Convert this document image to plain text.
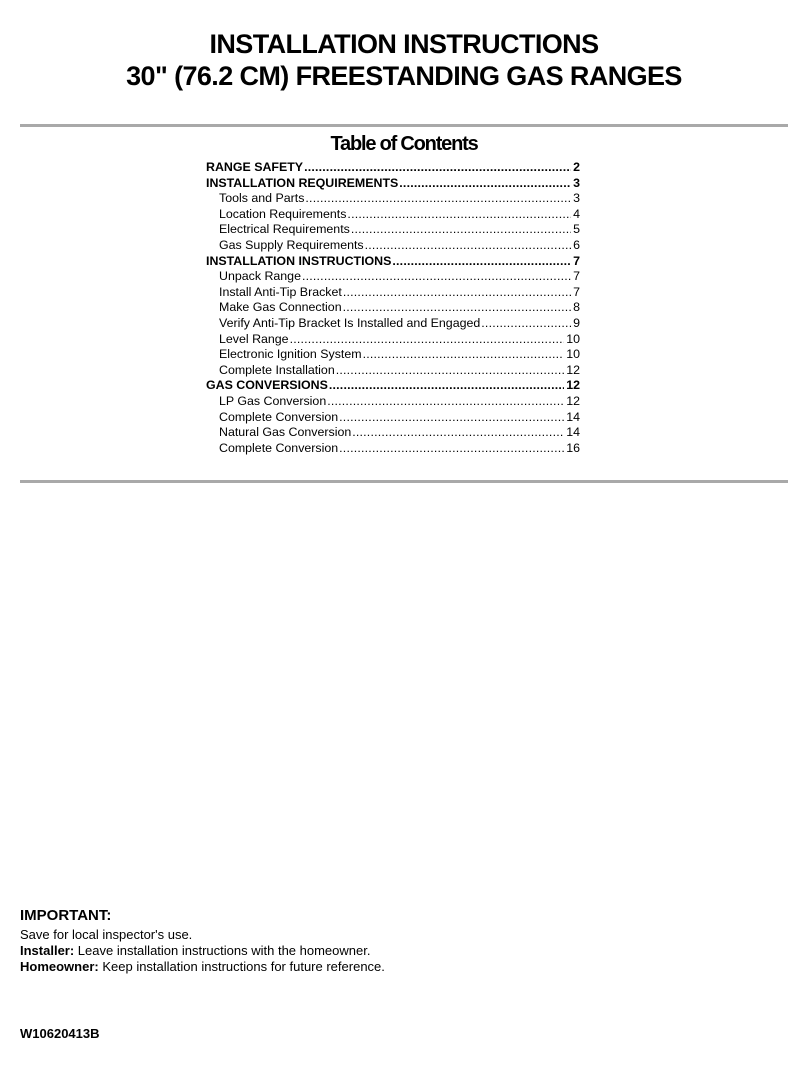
INSTALLATION INSTRUCTIONS
30" (76.2 CM) FREESTANDING GAS RANGES
Table of Contents
RANGE SAFETY .....	2
INSTALLATION REQUIREMENTS .....	3
Tools and Parts .....	3
Location Requirements .....	4
Electrical Requirements .....	5
Gas Supply Requirements .....	6
INSTALLATION INSTRUCTIONS .....	7
Unpack Range .....	7
Install Anti-Tip Bracket .....	7
Make Gas Connection .....	8
Verify Anti-Tip Bracket Is Installed and Engaged .....	9
Level Range .....	10
Electronic Ignition System .....	10
Complete Installation .....	12
GAS CONVERSIONS .....	12
LP Gas Conversion .....	12
Complete Conversion .....	14
Natural Gas Conversion .....	14
Complete Conversion .....	16
IMPORTANT:
Save for local inspector's use.
Installer: Leave installation instructions with the homeowner.
Homeowner: Keep installation instructions for future reference.
W10620413B
